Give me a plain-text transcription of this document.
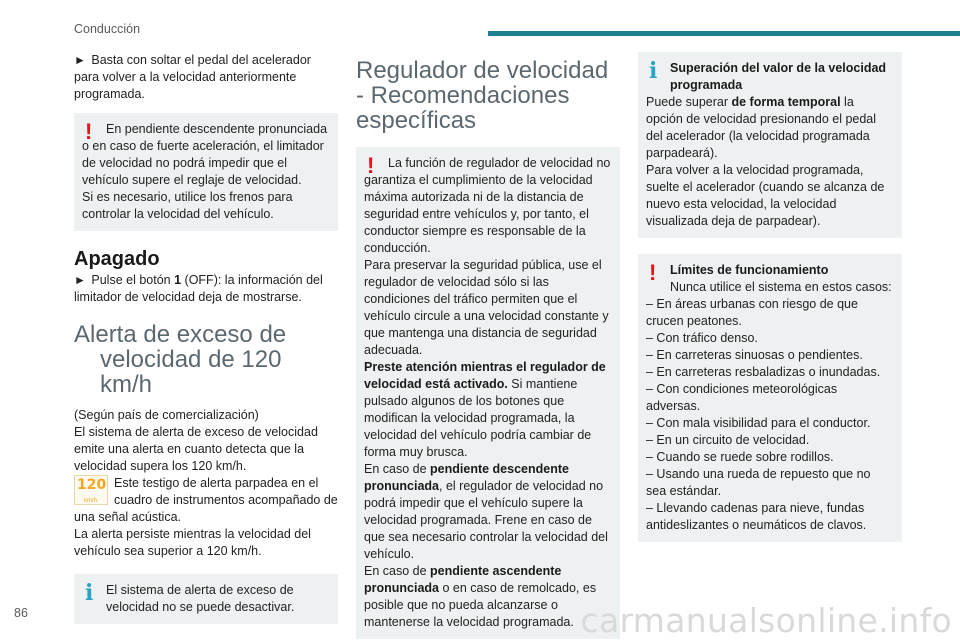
Conducción

► Basta con soltar el pedal del acelerador para volver a la velocidad anteriormente programada.

!	En pendiente descendente pronunciada o en caso de fuerte aceleración, el limitador de velocidad no podrá impedir que el vehículo supere el reglaje de velocidad.

Si es necesario, utilice los frenos para controlar la velocidad del vehículo.

Apagado

► Pulse el botón 1 (OFF): la información del limitador de velocidad deja de mostrarse.

Alerta de exceso de
velocidad de 120 km/h

(Según país de comercialización)

El sistema de alerta de exceso de velocidad emite una alerta en cuanto detecta que la velocidad supera los 120 km/h.

120
km/h
Este testigo de alerta parpadea en el cuadro de instrumentos acompañado de una señal acústica.

La alerta persiste mientras la velocidad del vehículo sea superior a 120 km/h.

i	El sistema de alerta de exceso de velocidad no se puede desactivar.

Regulador de velocidad
- Recomendaciones
específicas
!	La función de regulador de velocidad no garantiza el cumplimiento de la velocidad máxima autorizada ni de la distancia de seguridad entre vehículos y, por tanto, el conductor siempre es responsable de la conducción.

Para preservar la seguridad pública, use el regulador de velocidad sólo si las condiciones del tráfico permiten que el vehículo circule a una velocidad constante y que mantenga una distancia de seguridad adecuada.

Preste atención mientras el regulador de velocidad está activado. Si mantiene pulsado algunos de los botones que modifican la velocidad programada, la velocidad del vehículo podría cambiar de forma muy brusca.

En caso de pendiente descendente pronunciada, el regulador de velocidad no podrá impedir que el vehículo supere la velocidad programada. Frene en caso de que sea necesario controlar la velocidad del vehículo.

En caso de pendiente ascendente pronunciada o en caso de remolcado, es posible que no pueda alcanzarse o mantenerse la velocidad programada.

i	Superación del valor de la velocidad programada

Puede superar de forma temporal la opción de velocidad presionando el pedal del acelerador (la velocidad programada parpadeará).

Para volver a la velocidad programada, suelte el acelerador (cuando se alcanza de nuevo esta velocidad, la velocidad visualizada deja de parpadear).

!	Límites de funcionamiento

Nunca utilice el sistema en estos casos:

– En áreas urbanas con riesgo de que crucen peatones.

– Con tráfico denso.

– En carreteras sinuosas o pendientes.

– En carreteras resbaladizas o inundadas.

– Con condiciones meteorológicas adversas.

– Con mala visibilidad para el conductor.

– En un circuito de velocidad.

– Cuando se ruede sobre rodillos.

– Usando una rueda de repuesto que no sea estándar.

– Llevando cadenas para nieve, fundas antideslizantes o neumáticos de clavos.

86	carmanualsonline.info
